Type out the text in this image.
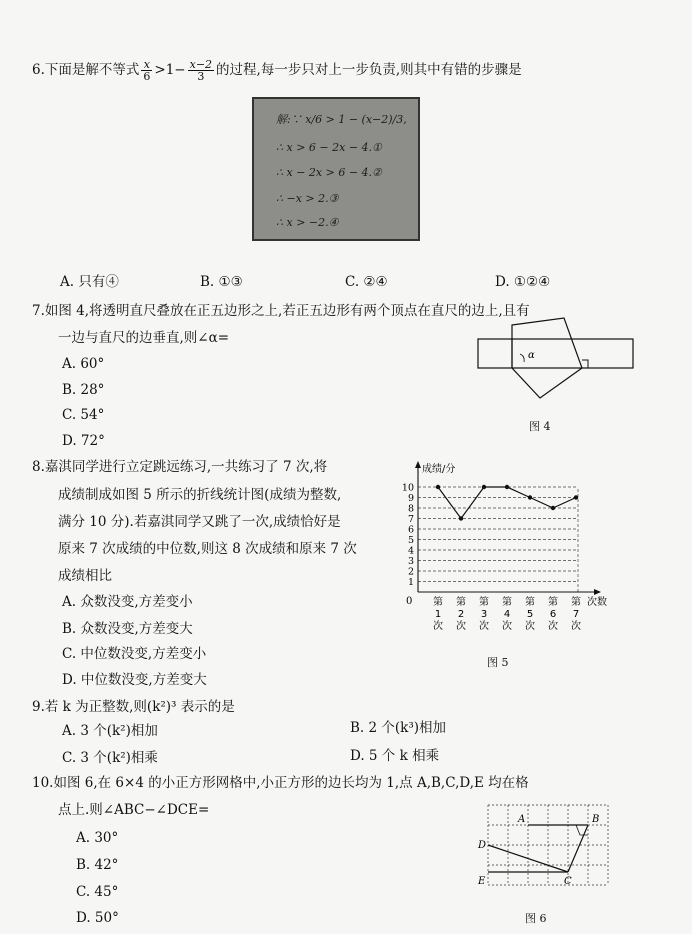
6.下面是解不等式 $\frac{x}{6} >1- \frac{x-2}{3}$ 的过程,每一步只对上一步负责,则其中有错的步骤是
解:∵ x/6 > 1 − (x−2)/3,
∴ x > 6 − 2x − 4.①
∴ x − 2x > 6 − 4.②
∴ −x > 2.③
∴ x > −2.④
A. 只有④	B. ①③	C. ②④	D. ①②④
7.如图 4,将透明直尺叠放在正五边形之上,若正五边形有两个顶点在直尺的边上,且有
一边与直尺的边垂直,则∠α=
A. 60°
B. 28°
C. 54°
D. 72°
α
图 4
8.嘉淇同学进行立定跳远练习,一共练习了 7 次,将
成绩制成如图 5 所示的折线统计图(成绩为整数,
满分 10 分).若嘉淇同学又跳了一次,成绩恰好是
原来 7 次成绩的中位数,则这 8 次成绩和原来 7 次
成绩相比
A. 众数没变,方差变小
B. 众数没变,方差变大
C. 中位数没变,方差变小
D. 中位数没变,方差变大
1
2
3
4
5
6
7
8
9
10
0
成绩/分
次数
第
1
次
第
2
次
第
3
次
第
4
次
第
5
次
第
6
次
第
7
次
图 5
9.若 k 为正整数,则(k²)³ 表示的是
A. 3 个(k²)相加	B. 2 个(k³)相加
C. 3 个(k²)相乘	D. 5 个 k 相乘
10.如图 6,在 6×4 的小正方形网格中,小正方形的边长均为 1,点 A,B,C,D,E 均在格
点上.则∠ABC−∠DCE=
A. 30°
B. 42°
C. 45°
D. 50°
A	B
C
D
E
图 6
